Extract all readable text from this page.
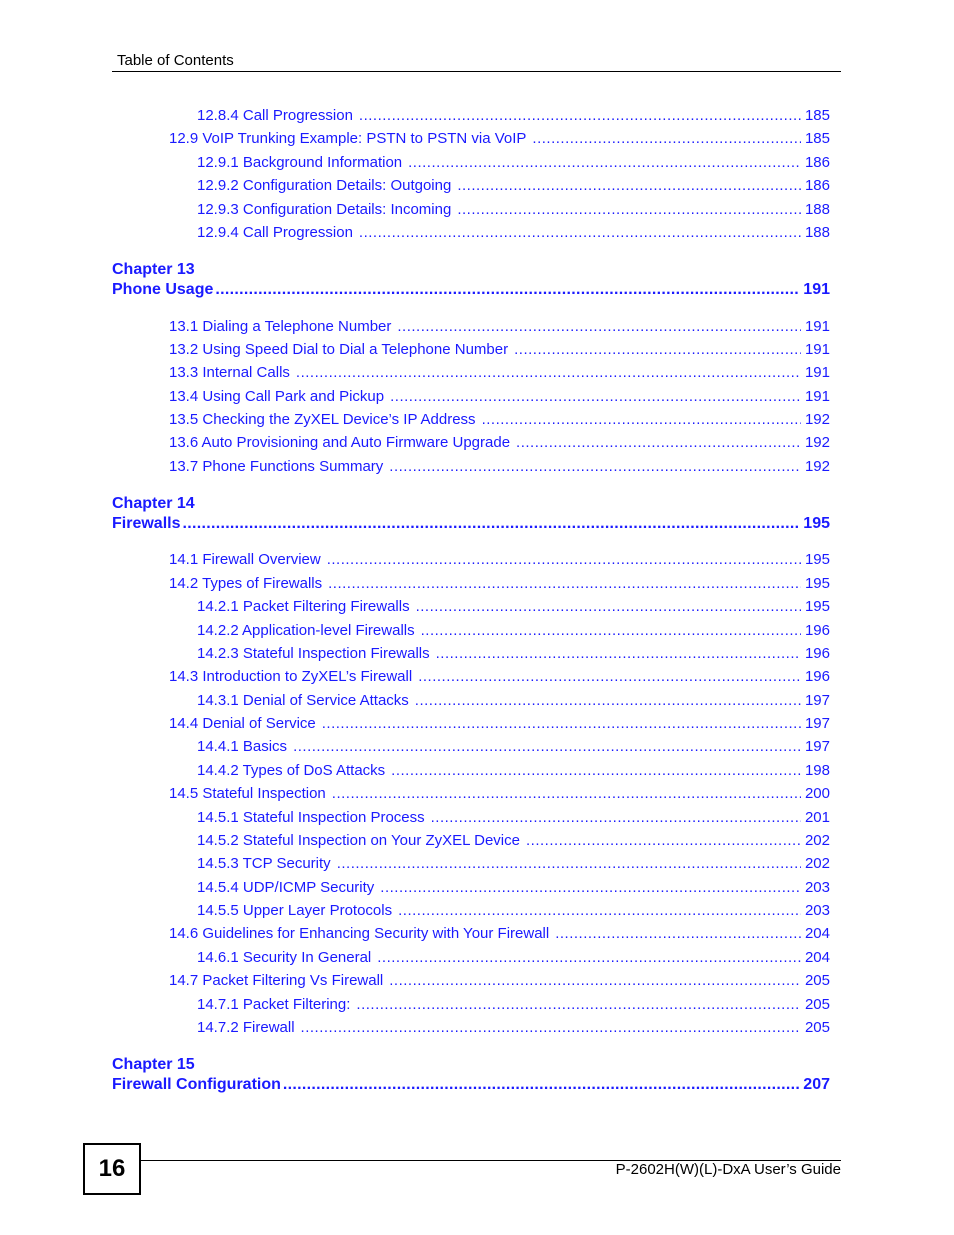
Table of Contents
12.8.4 Call Progression .....	185
12.9 VoIP Trunking Example: PSTN to PSTN via VoIP .....	185
12.9.1 Background Information .....	186
12.9.2 Configuration Details: Outgoing .....	186
12.9.3 Configuration Details: Incoming .....	188
12.9.4 Call Progression .....	188
Chapter 13
Phone Usage .....	191
13.1 Dialing a Telephone Number .....	191
13.2 Using Speed Dial to Dial a Telephone Number .....	191
13.3 Internal Calls .....	191
13.4 Using Call Park and Pickup .....	191
13.5 Checking the ZyXEL Device’s IP Address .....	192
13.6 Auto Provisioning and Auto Firmware Upgrade .....	192
13.7 Phone Functions Summary .....	192
Chapter 14
Firewalls .....	195
14.1 Firewall Overview .....	195
14.2 Types of Firewalls .....	195
14.2.1 Packet Filtering Firewalls .....	195
14.2.2 Application-level Firewalls .....	196
14.2.3 Stateful Inspection Firewalls .....	196
14.3 Introduction to ZyXEL’s Firewall .....	196
14.3.1 Denial of Service Attacks .....	197
14.4 Denial of Service .....	197
14.4.1 Basics .....	197
14.4.2 Types of DoS Attacks .....	198
14.5 Stateful Inspection .....	200
14.5.1 Stateful Inspection Process .....	201
14.5.2 Stateful Inspection on Your ZyXEL Device .....	202
14.5.3 TCP Security .....	202
14.5.4 UDP/ICMP Security .....	203
14.5.5 Upper Layer Protocols .....	203
14.6 Guidelines for Enhancing Security with Your Firewall .....	204
14.6.1 Security In General .....	204
14.7 Packet Filtering Vs Firewall .....	205
14.7.1 Packet Filtering: .....	205
14.7.2 Firewall .....	205
Chapter 15
Firewall Configuration .....	207
16	P-2602H(W)(L)-DxA User’s Guide
